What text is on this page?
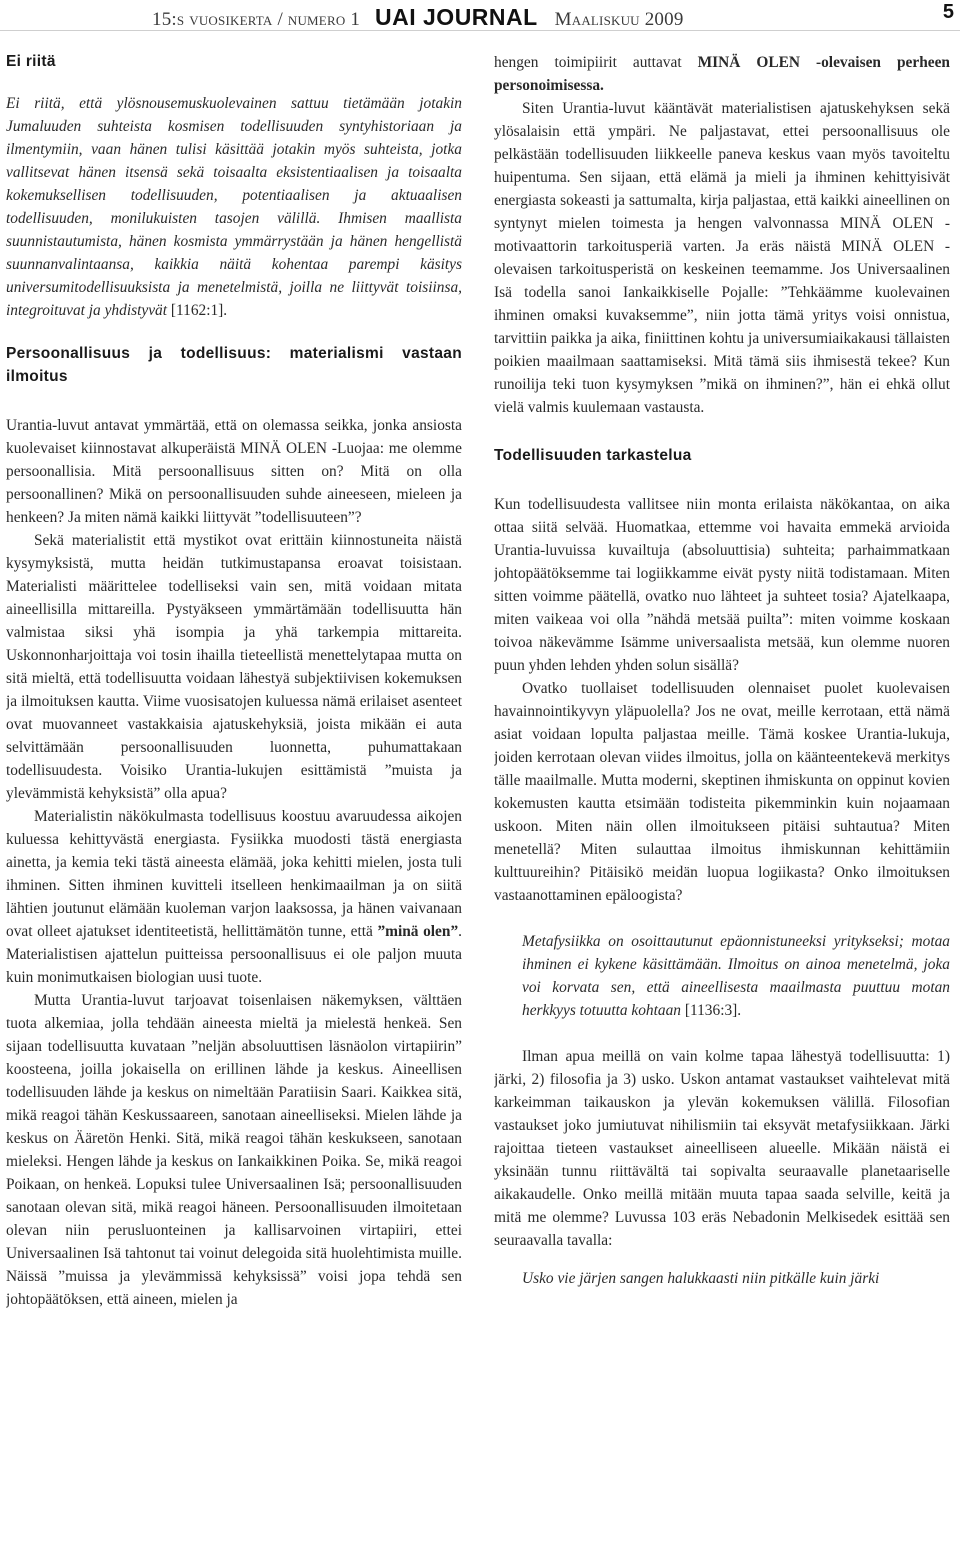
15:s vuosikerta / numero 1 UAI JOURNAL Maaliskuu 2009	5
Ei riitä

Ei riitä, että ylösnousemuskuolevainen sattuu tietämään jotakin Jumaluuden suhteista kosmisen todellisuuden syntyhistoriaan ja ilmentymiin, vaan hänen tulisi käsittää jotakin myös suhteista, jotka vallitsevat hänen itsensä sekä toisaalta eksistentiaalisen ja toisaalta kokemuksellisen todellisuuden, potentiaalisen ja aktuaalisen todellisuuden, monilukuisten tasojen välillä. Ihmisen maallista suunnistautumista, hänen kosmista ymmärrystään ja hänen hengellistä suunnanvalintaansa, kaikkia näitä kohentaa parempi käsitys universumitodellisuuksista ja menetelmistä, joilla ne liittyvät toisiinsa, integroituvat ja yhdistyvät [1162:1].

Persoonallisuus ja todellisuus: materialismi vastaan ilmoitus

Urantia-luvut antavat ymmärtää, että on olemassa seikka, jonka ansiosta kuolevaiset kiinnostavat alkuperäistä MINÄ OLEN -Luojaa: me olemme persoonallisia. Mitä persoonallisuus sitten on? Mitä on olla persoonallinen? Mikä on persoonallisuuden suhde aineeseen, mieleen ja henkeen? Ja miten nämä kaikki liittyvät ”todellisuuteen”?

Sekä materialistit että mystikot ovat erittäin kiinnostuneita näistä kysymyksistä, mutta heidän tutkimustapansa eroavat toisistaan. Materialisti määrittelee todelliseksi vain sen, mitä voidaan mitata aineellisilla mittareilla. Pystyäkseen ymmärtämään todellisuutta hän valmistaa siksi yhä isompia ja yhä tarkempia mittareita. Uskonnonharjoittaja voi tosin ihailla tieteellistä menettelytapaa mutta on sitä mieltä, että todellisuutta voidaan lähestyä subjektiivisen kokemuksen ja ilmoituksen kautta. Viime vuosisatojen kuluessa nämä erilaiset asenteet ovat muovanneet vastakkaisia ajatuskehyksiä, joista mikään ei auta selvittämään persoonallisuuden luonnetta, puhumattakaan todellisuudesta. Voisiko Urantia-lukujen esittämistä ”muista ja ylevämmistä kehyksistä” olla apua?

Materialistin näkökulmasta todellisuus koostuu avaruudessa aikojen kuluessa kehittyvästä energiasta. Fysiikka muodosti tästä energiasta ainetta, ja kemia teki tästä aineesta elämää, joka kehitti mielen, josta tuli ihminen. Sitten ihminen kuvitteli itselleen henkimaailman ja on siitä lähtien joutunut elämään kuoleman varjon laaksossa, ja hänen vaivanaan ovat olleet ajatukset identiteetistä, hellittämätön tunne, että ”minä olen”. Materialistisen ajattelun puitteissa persoonallisuus ei ole paljon muuta kuin monimutkaisen biologian uusi tuote.

Mutta Urantia-luvut tarjoavat toisenlaisen näkemyksen, välttäen tuota alkemiaa, jolla tehdään aineesta mieltä ja mielestä henkeä. Sen sijaan todellisuutta kuvataan ”neljän absoluuttisen läsnäolon virtapiirin” koosteena, joilla jokaisella on erillinen lähde ja keskus. Aineellisen todellisuuden lähde ja keskus on nimeltään Paratiisin Saari. Kaikkea sitä, mikä reagoi tähän Keskussaareen, sanotaan aineelliseksi. Mielen lähde ja keskus on Ääretön Henki. Sitä, mikä reagoi tähän keskukseen, sanotaan mieleksi. Hengen lähde ja keskus on Iankaikkinen Poika. Se, mikä reagoi Poikaan, on henkeä. Lopuksi tulee Universaalinen Isä; persoonallisuuden sanotaan olevan sitä, mikä reagoi häneen. Persoonallisuuden ilmoitetaan olevan niin perusluonteinen ja kallisarvoinen virtapiiri, ettei Universaalinen Isä tahtonut tai voinut delegoida sitä huolehtimista muille. Näissä ”muissa ja ylevämmissä kehyksissä” voisi jopa tehdä sen johtopäätöksen, että aineen, mielen ja

hengen toimipiirit auttavat MINÄ OLEN -olevaisen perheen personoimisessa.

Siten Urantia-luvut kääntävät materialistisen ajatuskehyksen sekä ylösalaisin että ympäri. Ne paljastavat, ettei persoonallisuus ole pelkästään todellisuuden liikkeelle paneva keskus vaan myös tavoiteltu huipentuma. Sen sijaan, että elämä ja mieli ja ihminen kehittyisivät energiasta sokeasti ja sattumalta, kirja paljastaa, että kaikki aineellinen on syntynyt mielen toimesta ja hengen valvonnassa MINÄ OLEN -motivaattorin tarkoitusperiä varten. Ja eräs näistä MINÄ OLEN -olevaisen tarkoitusperistä on keskeinen teemamme. Jos Universaalinen Isä todella sanoi Iankaikkiselle Pojalle: ”Tehkäämme kuolevainen ihminen omaksi kuvaksemme”, niin jotta tämä yritys voisi onnistua, tarvittiin paikka ja aika, finiittinen kohtu ja universumiaikakausi tällaisten poikien maailmaan saattamiseksi. Mitä tämä siis ihmisestä tekee? Kun runoilija teki tuon kysymyksen ”mikä on ihminen?”, hän ei ehkä ollut vielä valmis kuulemaan vastausta.

Todellisuuden tarkastelua

Kun todellisuudesta vallitsee niin monta erilaista näkökantaa, on aika ottaa siitä selvää. Huomatkaa, ettemme voi havaita emmekä arvioida Urantia-luvuissa kuvailtuja (absoluuttisia) suhteita; parhaimmatkaan johtopäätöksemme tai logiikkamme eivät pysty niitä todistamaan. Miten sitten voimme päätellä, ovatko nuo lähteet ja suhteet tosia? Ajatelkaapa, miten vaikeaa voi olla ”nähdä metsää puilta”: miten voimme koskaan toivoa näkevämme Isämme universaalista metsää, kun olemme nuoren puun yhden lehden yhden solun sisällä?

Ovatko tuollaiset todellisuuden olennaiset puolet kuolevaisen havainnointikyvyn yläpuolella? Jos ne ovat, meille kerrotaan, että nämä asiat voidaan lopulta paljastaa meille. Tämä koskee Urantia-lukuja, joiden kerrotaan olevan viides ilmoitus, jolla on käänteentekevä merkitys tälle maailmalle. Mutta moderni, skeptinen ihmiskunta on oppinut kovien kokemusten kautta etsimään todisteita pikemminkin kuin nojaamaan uskoon. Miten näin ollen ilmoitukseen pitäisi suhtautua? Miten menetellä? Miten sulauttaa ilmoitus ihmiskunnan kehittämiin kulttuureihin? Pitäisikö meidän luopua logiikasta? Onko ilmoituksen vastaanottaminen epäloogista?

Metafysiikka on osoittautunut epäonnistuneeksi yritykseksi; motaa ihminen ei kykene käsittämään. Ilmoitus on ainoa menetelmä, joka voi korvata sen, että aineellisesta maailmasta puuttuu motan herkkyys totuutta kohtaan [1136:3].

Ilman apua meillä on vain kolme tapaa lähestyä todellisuutta: 1) järki, 2) filosofia ja 3) usko. Uskon antamat vastaukset vaihtelevat mitä karkeimman taikauskon ja ylevän kokemuksen välillä. Filosofian vastaukset joko jumiutuvat nihilismiin tai eksyvät metafysiikkaan. Järki rajoittaa tieteen vastaukset aineelliseen alueelle. Mikään näistä ei yksinään tunnu riittävältä tai sopivalta seuraavalle planetaariselle aikakaudelle. Onko meillä mitään muuta tapaa saada selville, keitä ja mitä me olemme? Luvussa 103 eräs Nebadonin Melkisedek esittää sen seuraavalla tavalla:

Usko vie järjen sangen halukkaasti niin pitkälle kuin järki
